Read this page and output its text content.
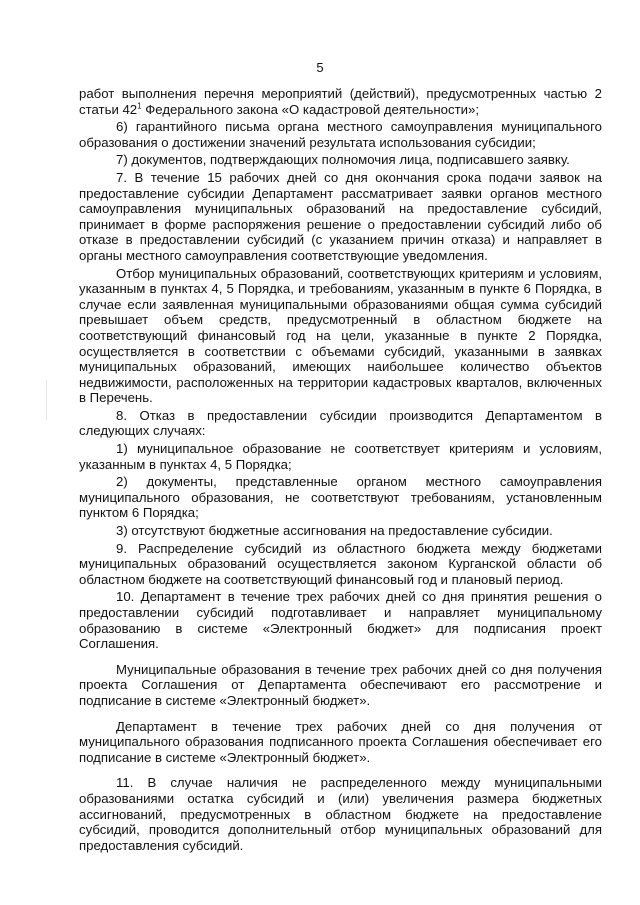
5

работ выполнения перечня мероприятий (действий), предусмотренных частью 2 статьи $42^1$ Федерального закона «О кадастровой деятельности»;

6) гарантийного письма органа местного самоуправления муниципального образования о достижении значений результата использования субсидии;

7) документов, подтверждающих полномочия лица, подписавшего заявку.

7. В течение 15 рабочих дней со дня окончания срока подачи заявок на предоставление субсидии Департамент рассматривает заявки органов местного самоуправления муниципальных образований на предоставление субсидий, принимает в форме распоряжения решение о предоставлении субсидий либо об отказе в предоставлении субсидий (с указанием причин отказа) и направляет в органы местного самоуправления соответствующие уведомления.

Отбор муниципальных образований, соответствующих критериям и условиям, указанным в пунктах 4, 5 Порядка, и требованиям, указанным в пункте 6 Порядка, в случае если заявленная муниципальными образованиями общая сумма субсидий превышает объем средств, предусмотренный в областном бюджете на соответствующий финансовый год на цели, указанные в пункте 2 Порядка, осуществляется в соответствии с объемами субсидий, указанными в заявках муниципальных образований, имеющих наибольшее количество объектов недвижимости, расположенных на территории кадастровых кварталов, включенных в Перечень.

8. Отказ в предоставлении субсидии производится Департаментом в следующих случаях:

1) муниципальное образование не соответствует критериям и условиям, указанным в пунктах 4, 5 Порядка;

2) документы, представленные органом местного самоуправления муниципального образования, не соответствуют требованиям, установленным пунктом 6 Порядка;

3) отсутствуют бюджетные ассигнования на предоставление субсидии.

9. Распределение субсидий из областного бюджета между бюджетами муниципальных образований осуществляется законом Курганской области об областном бюджете на соответствующий финансовый год и плановый период.

10. Департамент в течение трех рабочих дней со дня принятия решения о предоставлении субсидий подготавливает и направляет муниципальному образованию в системе «Электронный бюджет» для подписания проект Соглашения.

Муниципальные образования в течение трех рабочих дней со дня получения проекта Соглашения от Департамента обеспечивают его рассмотрение и подписание в системе «Электронный бюджет».

Департамент в течение трех рабочих дней со дня получения от муниципального образования подписанного проекта Соглашения обеспечивает его подписание в системе «Электронный бюджет».

11. В случае наличия не распределенного между муниципальными образованиями остатка субсидий и (или) увеличения размера бюджетных ассигнований, предусмотренных в областном бюджете на предоставление субсидий, проводится дополнительный отбор муниципальных образований для предоставления субсидий.
